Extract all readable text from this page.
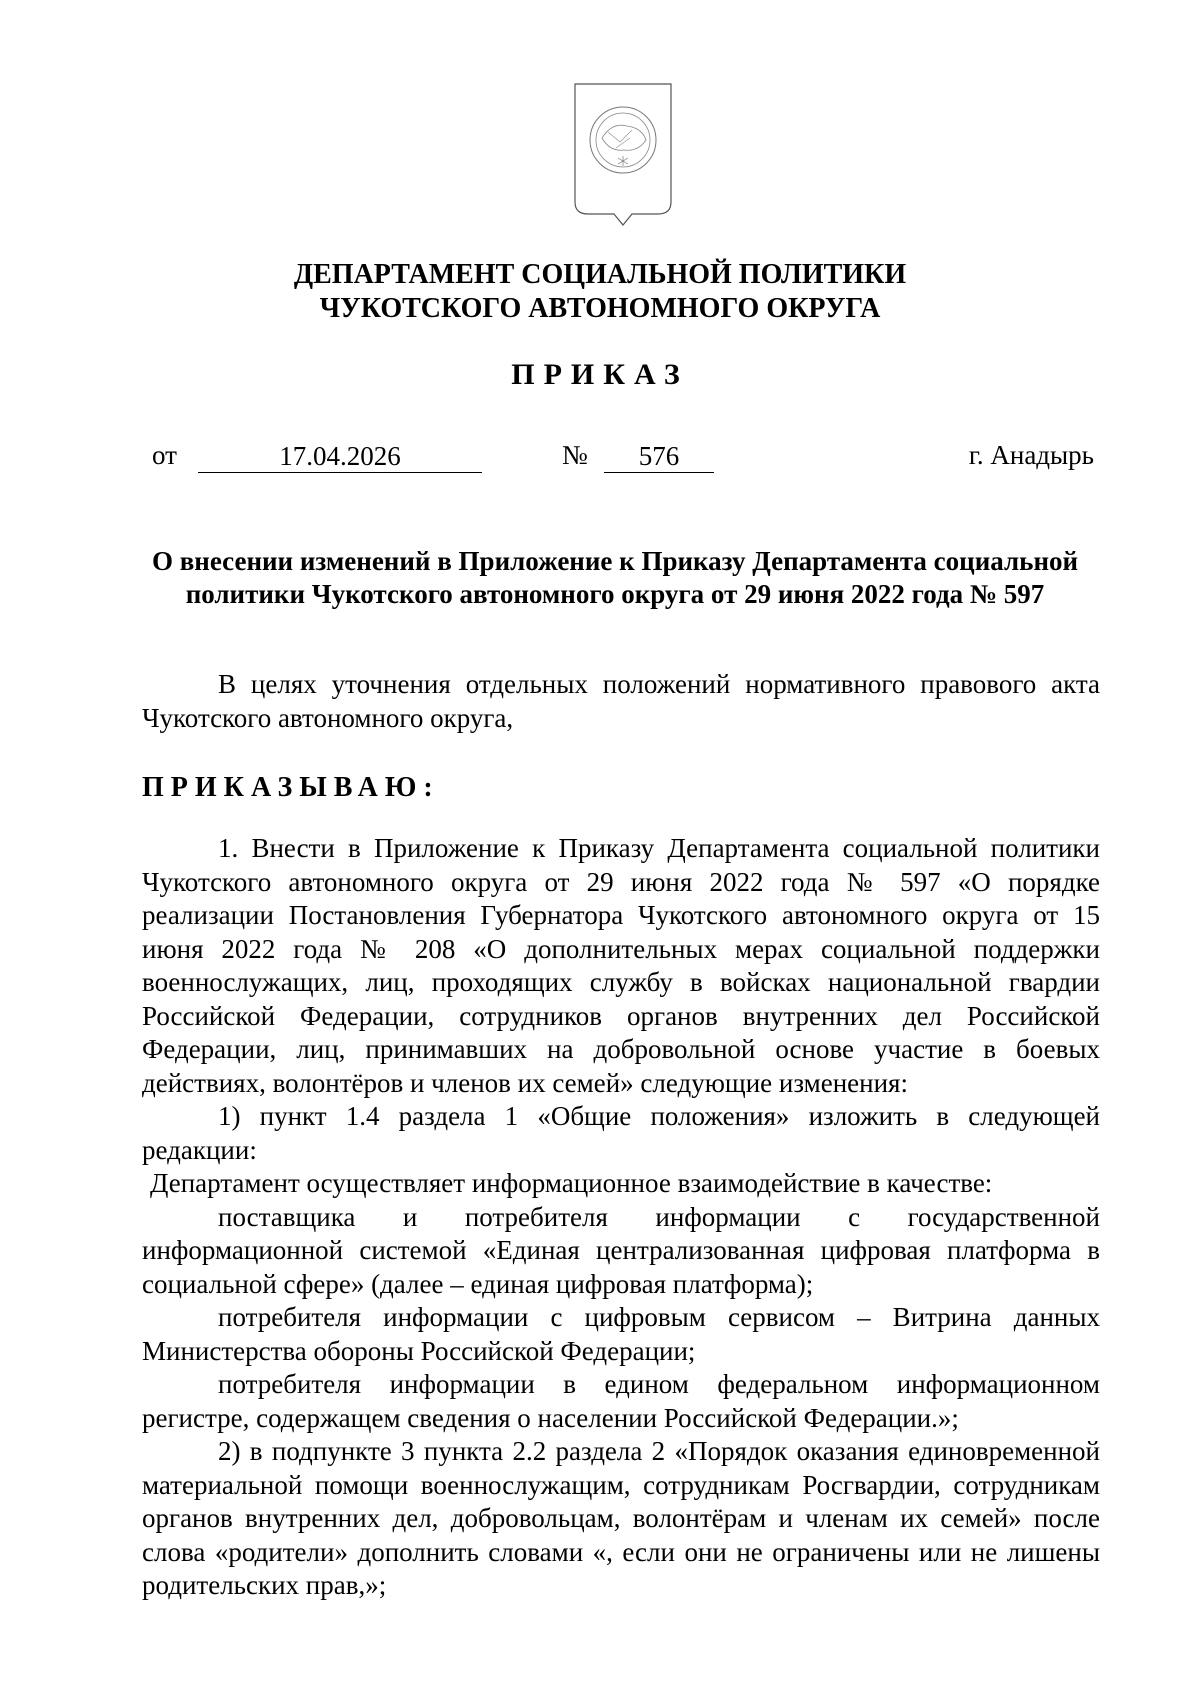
ДЕПАРТАМЕНТ СОЦИАЛЬНОЙ ПОЛИТИКИ
ЧУКОТСКОГО АВТОНОМНОГО ОКРУГА
ПРИКАЗ
от	17.04.2026	№	576	г. Анадырь
О внесении изменений в Приложение к Приказу Департамента социальной политики Чукотского автономного округа от 29 июня 2022 года № 597

В целях уточнения отдельных положений нормативного правового акта Чукотского автономного округа,

ПРИКАЗЫВАЮ:

1. Внести в Приложение к Приказу Департамента социальной политики Чукотского автономного округа от 29 июня 2022 года № 597 «О порядке реализации Постановления Губернатора Чукотского автономного округа от 15 июня 2022 года № 208 «О дополнительных мерах социальной поддержки военнослужащих, лиц, проходящих службу в войсках национальной гвардии Российской Федерации, сотрудников органов внутренних дел Российской Федерации, лиц, принимавших на добровольной основе участие в боевых действиях, волонтёров и членов их семей» следующие изменения:

1) пункт 1.4 раздела 1 «Общие положения» изложить в следующей редакции:

Департамент осуществляет информационное взаимодействие в качестве:

поставщика и потребителя информации с государственной информационной системой «Единая централизованная цифровая платформа в социальной сфере» (далее – единая цифровая платформа);

потребителя информации с цифровым сервисом – Витрина данных Министерства обороны Российской Федерации;

потребителя информации в едином федеральном информационном регистре, содержащем сведения о населении Российской Федерации.»;

2) в подпункте 3 пункта 2.2 раздела 2 «Порядок оказания единовременной материальной помощи военнослужащим, сотрудникам Росгвардии, сотрудникам органов внутренних дел, добровольцам, волонтёрам и членам их семей» после слова «родители» дополнить словами «, если они не ограничены или не лишены родительских прав,»;
